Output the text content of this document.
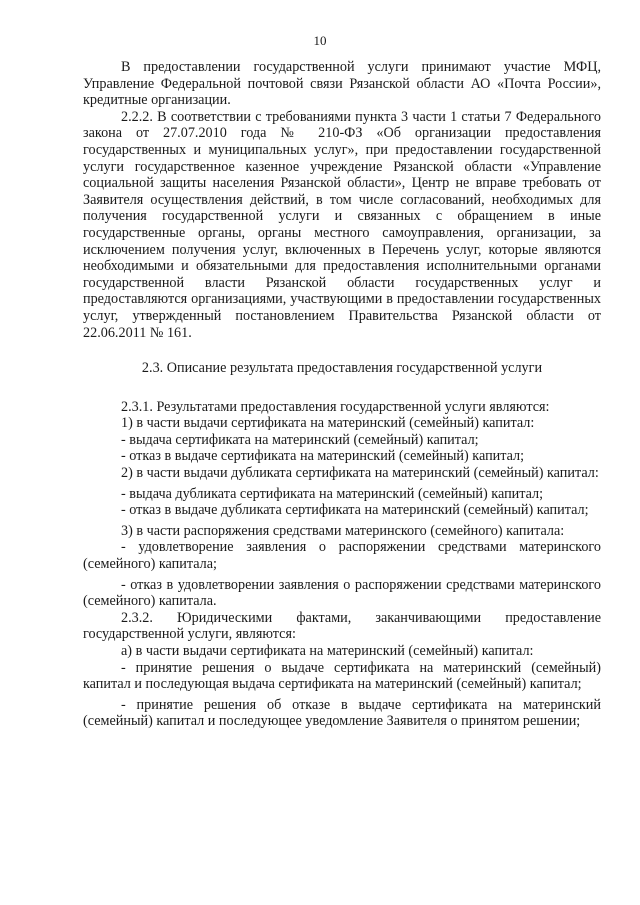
10

В предоставлении государственной услуги принимают участие МФЦ, Управление Федеральной почтовой связи Рязанской области АО «Почта России», кредитные организации.

2.2.2. В соответствии с требованиями пункта 3 части 1 статьи 7 Федерального закона от 27.07.2010 года № 210-ФЗ «Об организации предоставления государственных и муниципальных услуг», при предоставлении государственной услуги государственное казенное учреждение Рязанской области «Управление социальной защиты населения Рязанской области», Центр не вправе требовать от Заявителя осуществления действий, в том числе согласований, необходимых для получения государственной услуги и связанных с обращением в иные государственные органы, органы местного самоуправления, организации, за исключением получения услуг, включенных в Перечень услуг, которые являются необходимыми и обязательными для предоставления исполнительными органами государственной власти Рязанской области государственных услуг и предоставляются организациями, участвующими в предоставлении государственных услуг, утвержденный постановлением Правительства Рязанской области от 22.06.2011 № 161.

2.3. Описание результата предоставления государственной услуги

2.3.1. Результатами предоставления государственной услуги являются:

1) в части выдачи сертификата на материнский (семейный) капитал:

- выдача сертификата на материнский (семейный) капитал;

- отказ в выдаче сертификата на материнский (семейный) капитал;

2) в части выдачи дубликата сертификата на материнский (семейный) капитал:

- выдача дубликата сертификата на материнский (семейный) капитал;

- отказ в выдаче дубликата сертификата на материнский (семейный) капитал;

3) в части распоряжения средствами материнского (семейного) капитала:

- удовлетворение заявления о распоряжении средствами материнского (семейного) капитала;

- отказ в удовлетворении заявления о распоряжении средствами материнского (семейного) капитала.

2.3.2. Юридическими фактами, заканчивающими предоставление государственной услуги, являются:

а) в части выдачи сертификата на материнский (семейный) капитал:

- принятие решения о выдаче сертификата на материнский (семейный) капитал и последующая выдача сертификата на материнский (семейный) капитал;

- принятие решения об отказе в выдаче сертификата на материнский (семейный) капитал и последующее уведомление Заявителя о принятом решении;
